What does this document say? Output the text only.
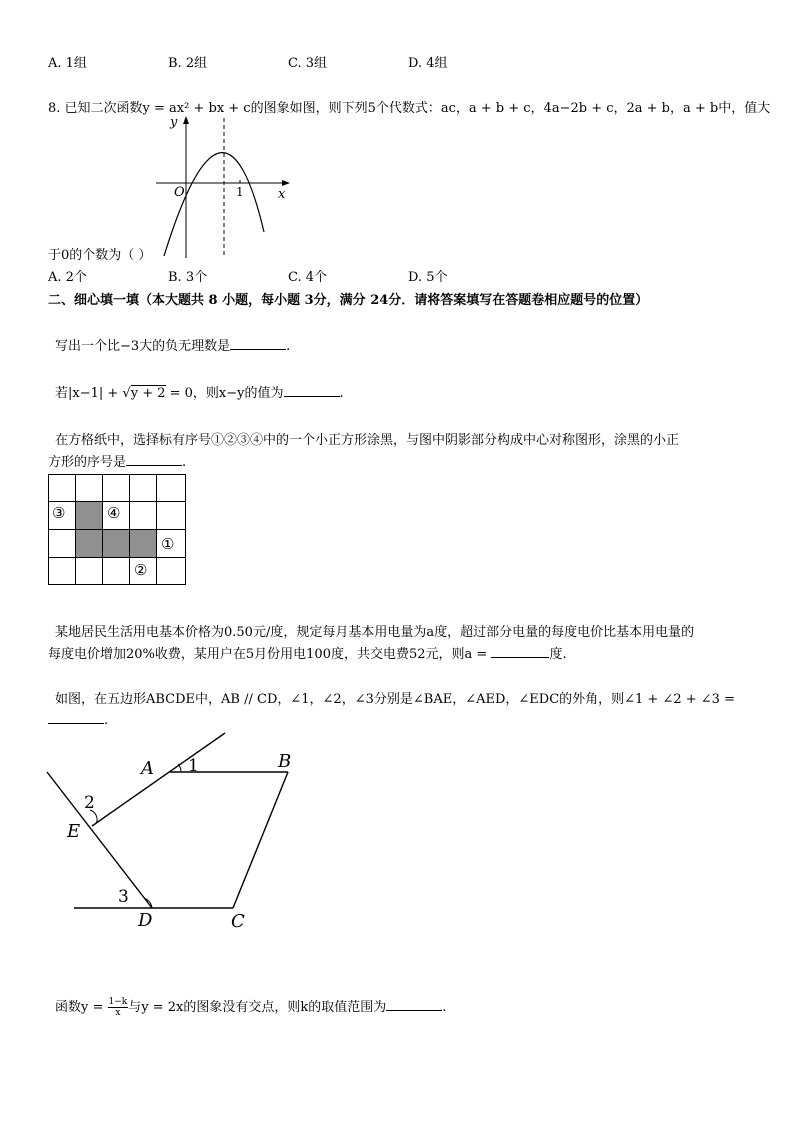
A. 1组	B. 2组	C. 3组	D. 4组
8. 已知二次函数y = ax² + bx + c的图象如图，则下列5个代数式：ac，a + b + c，4a−2b + c，2a + b，a + b中，值大
y
x
O	1
于0的个数为（ ）
A. 2个	B. 3个	C. 4个	D. 5个
二、细心填一填（本大题共 8 小题，每小题 3分，满分 24分．请将答案填写在答题卷相应题号的位置）
写出一个比−3大的负无理数是	.
若|x−1| + √y + 2 = 0，则x−y的值为	.
在方格纸中，选择标有序号①②③④中的一个小正方形涂黑，与图中阴影部分构成中心对称图形，涂黑的小正
方形的序号是	.
③	④
①
②
某地居民生活用电基本价格为0.50元/度，规定每月基本用电量为a度，超过部分电量的每度电价比基本用电量的
每度电价增加20%收费，某用户在5月份用电100度，共交电费52元，则a =	度.
如图，在五边形ABCDE中，AB // CD，∠1，∠2，∠3分别是∠BAE，∠AED，∠EDC的外角，则∠1 + ∠2 + ∠3 =
.
A	B
C
D
E
1
2
3
函数$y = \frac{1-k}{x}$ 与y = 2x的图象没有交点，则k的取值范围为	.
